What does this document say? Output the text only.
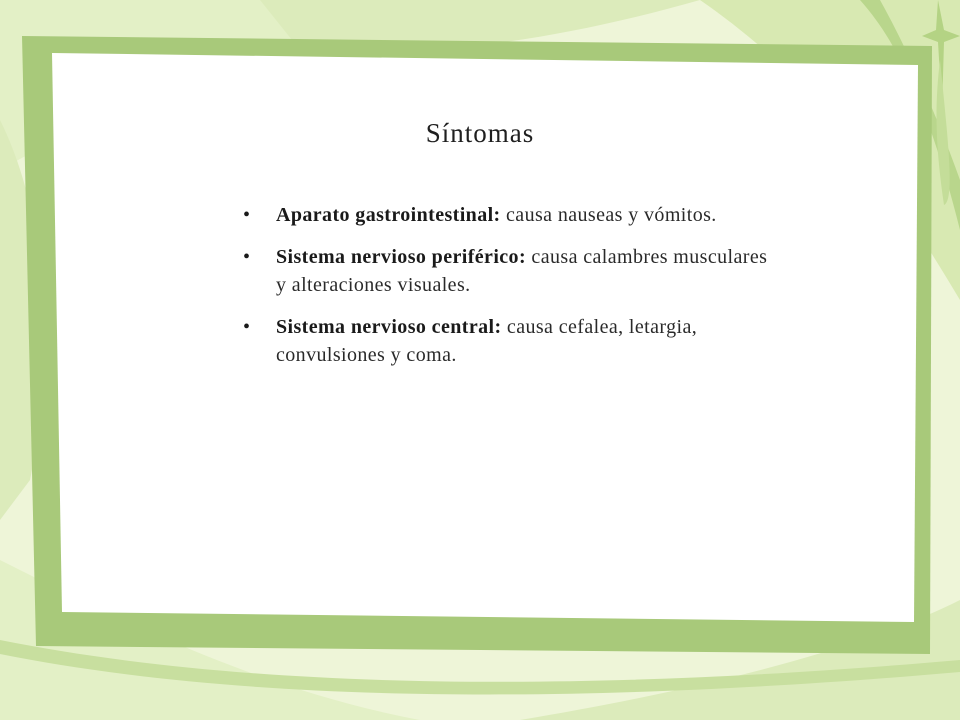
Síntomas
• Aparato gastrointestinal: causa nauseas y vómitos.
• Sistema nervioso periférico: causa calambres musculares y alteraciones visuales.
• Sistema nervioso central: causa cefalea, letargia, convulsiones y coma.
